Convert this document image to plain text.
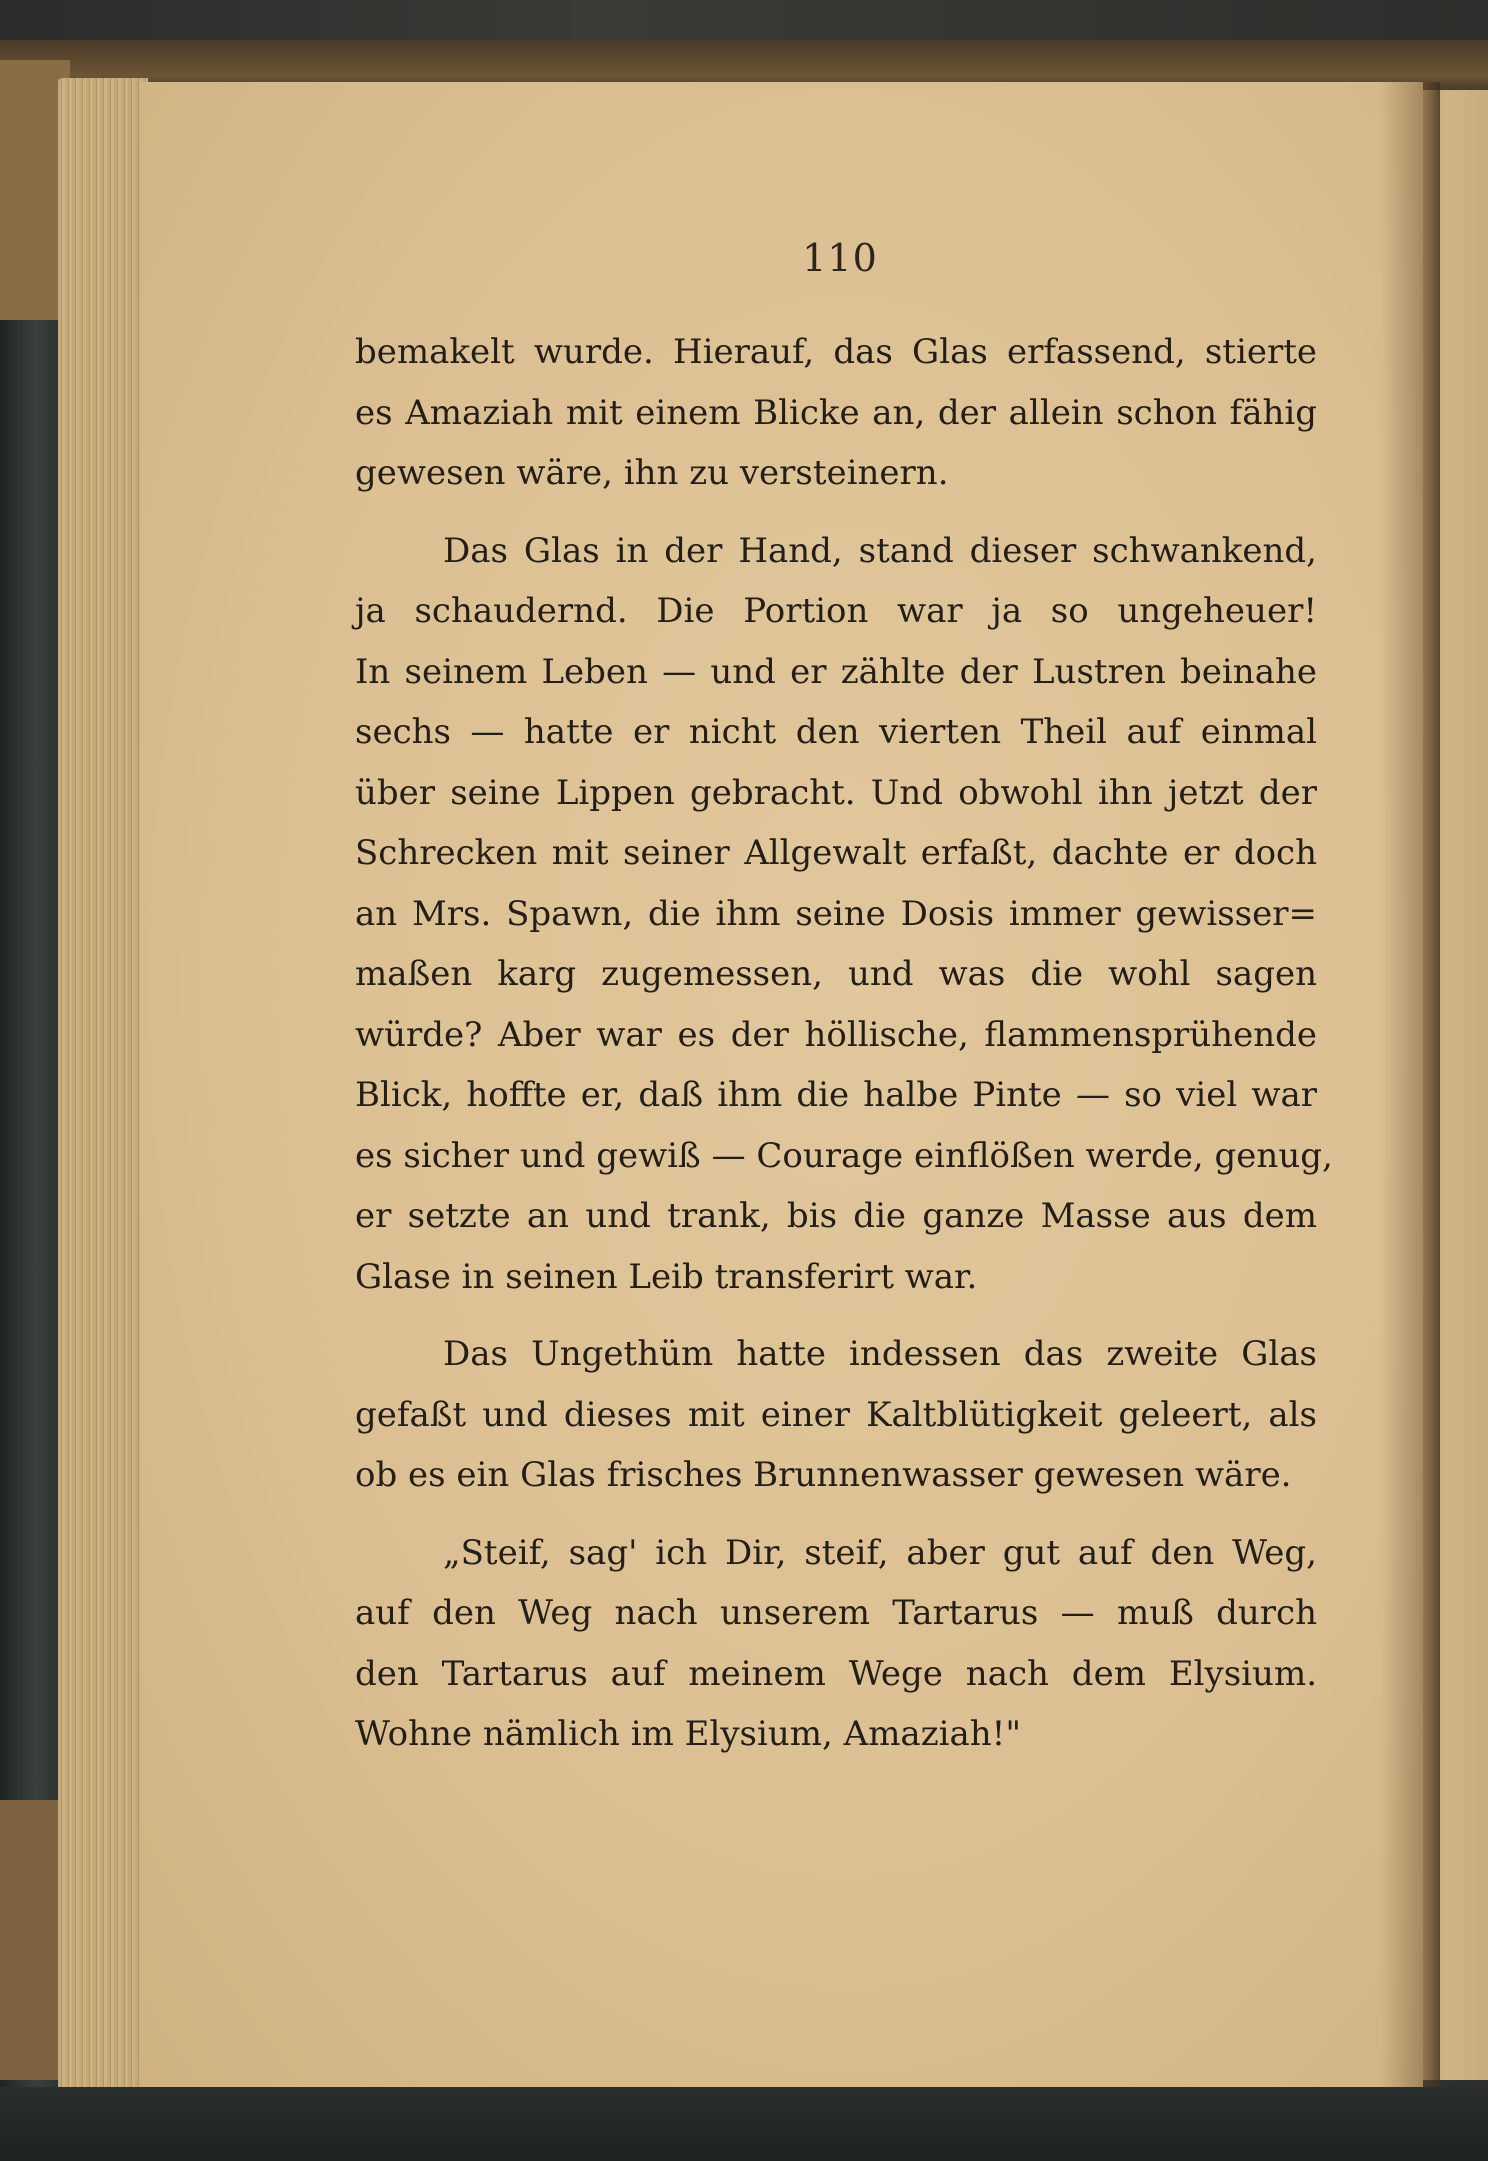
110
bemakelt wurde. Hierauf, das Glas erfassend, stierte
es Amaziah mit einem Blicke an, der allein schon fähig
gewesen wäre, ihn zu versteinern.
Das Glas in der Hand, stand dieser schwankend,
ja schaudernd. Die Portion war ja so ungeheuer!
In seinem Leben — und er zählte der Lustren beinahe
sechs — hatte er nicht den vierten Theil auf einmal
über seine Lippen gebracht. Und obwohl ihn jetzt der
Schrecken mit seiner Allgewalt erfaßt, dachte er doch
an Mrs. Spawn, die ihm seine Dosis immer gewisser=
maßen karg zugemessen, und was die wohl sagen
würde? Aber war es der höllische, flammensprühende
Blick, hoffte er, daß ihm die halbe Pinte — so viel war
es sicher und gewiß — Courage einflößen werde, genug,
er setzte an und trank, bis die ganze Masse aus dem
Glase in seinen Leib transferirt war.
Das Ungethüm hatte indessen das zweite Glas
gefaßt und dieses mit einer Kaltblütigkeit geleert, als
ob es ein Glas frisches Brunnenwasser gewesen wäre.
„Steif, sag' ich Dir, steif, aber gut auf den Weg,
auf den Weg nach unserem Tartarus — muß durch
den Tartarus auf meinem Wege nach dem Elysium.
Wohne nämlich im Elysium, Amaziah!"
